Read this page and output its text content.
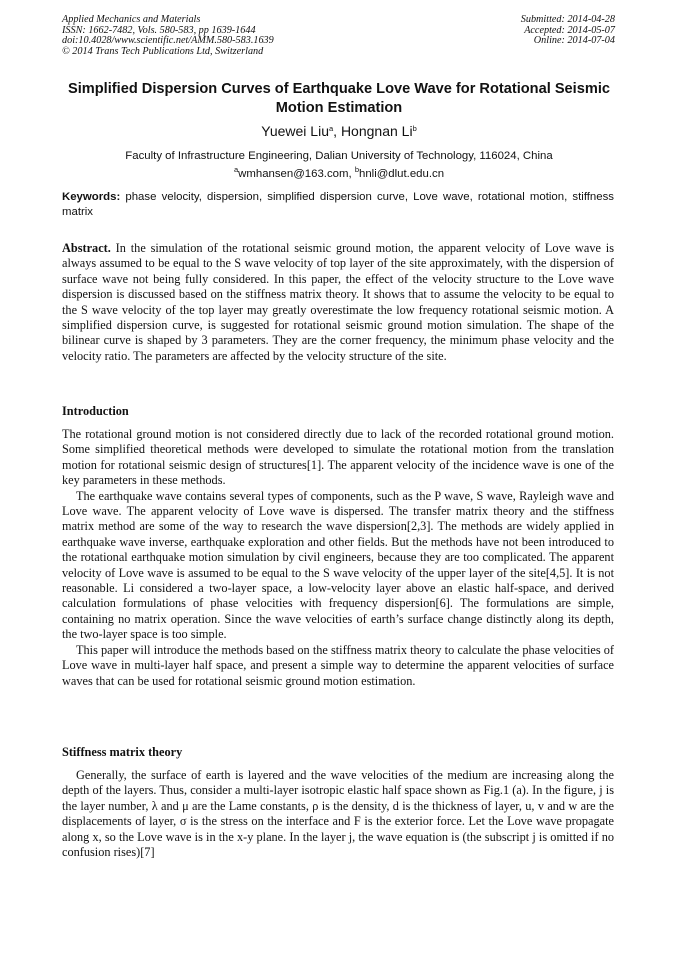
Applied Mechanics and Materials
ISSN: 1662-7482, Vols. 580-583, pp 1639-1644
doi:10.4028/www.scientific.net/AMM.580-583.1639
© 2014 Trans Tech Publications Ltd, Switzerland
Submitted: 2014-04-28
Accepted: 2014-05-07
Online: 2014-07-04
Simplified Dispersion Curves of Earthquake Love Wave for Rotational Seismic Motion Estimation
Yuewei Liu$^a$, Hongnan Li$^b$
Faculty of Infrastructure Engineering, Dalian University of Technology, 116024, China
$^a$wmhansen@163.com, $^b$hnli@dlut.edu.cn
Keywords: phase velocity, dispersion, simplified dispersion curve, Love wave, rotational motion, stiffness matrix

Abstract. In the simulation of the rotational seismic ground motion, the apparent velocity of Love wave is always assumed to be equal to the S wave velocity of top layer of the site approximately, with the dispersion of surface wave not being fully considered. In this paper, the effect of the velocity structure to the Love wave dispersion is discussed based on the stiffness matrix theory. It shows that to assume the velocity to be equal to the S wave velocity of the top layer may greatly overestimate the low frequency rotational seismic motion. A simplified dispersion curve, is suggested for rotational seismic ground motion simulation. The shape of the bilinear curve is shaped by 3 parameters. They are the corner frequency, the minimum phase velocity and the velocity ratio. The parameters are affected by the velocity structure of the site.

Introduction

The rotational ground motion is not considered directly due to lack of the recorded rotational ground motion. Some simplified theoretical methods were developed to simulate the rotational motion from the translation motion for rotational seismic design of structures[1]. The apparent velocity of the incidence wave is one of the key parameters in these methods.

The earthquake wave contains several types of components, such as the P wave, S wave, Rayleigh wave and Love wave. The apparent velocity of Love wave is dispersed. The transfer matrix theory and the stiffness matrix method are some of the way to research the wave dispersion[2,3]. The methods are widely applied in earthquake wave inverse, earthquake exploration and other fields. But the methods have not been introduced to the rotational earthquake motion simulation by civil engineers, because they are too complicated. The apparent velocity of Love wave is assumed to be equal to the S wave velocity of the upper layer of the site[4,5]. It is not reasonable. Li considered a two-layer space, a low-velocity layer above an elastic half-space, and derived calculation formulations of phase velocities with frequency dispersion[6]. The formulations are simple, containing no matrix operation. Since the wave velocities of earth’s surface change distinctly along its depth, the two-layer space is too simple.

This paper will introduce the methods based on the stiffness matrix theory to calculate the phase velocities of Love wave in multi-layer half space, and present a simple way to determine the apparent velocities of surface waves that can be used for rotational seismic ground motion estimation.

Stiffness matrix theory

Generally, the surface of earth is layered and the wave velocities of the medium are increasing along the depth of the layers. Thus, consider a multi-layer isotropic elastic half space shown as Fig.1 (a). In the figure, j is the layer number, λ and μ are the Lame constants, ρ is the density, d is the thickness of layer, u, v and w are the displacements of layer, σ is the stress on the interface and F is the exterior force. Let the Love wave propagate along x, so the Love wave is in the x-y plane. In the layer j, the wave equation is (the subscript j is omitted if no confusion rises)[7]
